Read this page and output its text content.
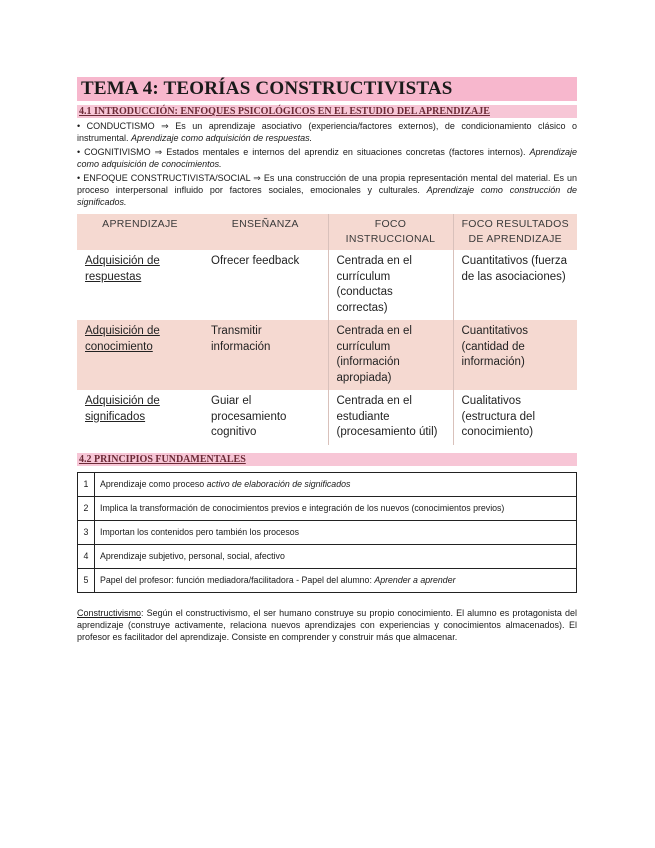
TEMA 4: TEORÍAS CONSTRUCTIVISTAS
4.1 INTRODUCCIÓN: ENFOQUES PSICOLÓGICOS EN EL ESTUDIO DEL APRENDIZAJE

• CONDUCTISMO ⇒ Es un aprendizaje asociativo (experiencia/factores externos), de condicionamiento clásico o instrumental. Aprendizaje como adquisición de respuestas.

• COGNITIVISMO ⇒ Estados mentales e internos del aprendiz en situaciones concretas (factores internos). Aprendizaje como adquisición de conocimientos.

• ENFOQUE CONSTRUCTIVISTA/SOCIAL ⇒ Es una construcción de una propia representación mental del material. Es un proceso interpersonal influido por factores sociales, emocionales y culturales. Aprendizaje como construcción de significados.

APRENDIZAJE	ENSEÑANZA	FOCO INSTRUCCIONAL	FOCO RESULTADOS DE APRENDIZAJE
Adquisición de respuestas	Ofrecer feedback	Centrada en el currículum (conductas correctas)	Cuantitativos (fuerza de las asociaciones)
Adquisición de conocimiento	Transmitir información	Centrada en el currículum (información apropiada)	Cuantitativos (cantidad de información)
Adquisición de significados	Guiar el procesamiento cognitivo	Centrada en el estudiante (procesamiento útil)	Cualitativos (estructura del conocimiento)
4.2 PRINCIPIOS FUNDAMENTALES
1	Aprendizaje como proceso activo de elaboración de significados
2	Implica la transformación de conocimientos previos e integración de los nuevos (conocimientos previos)
3	Importan los contenidos pero también los procesos
4	Aprendizaje subjetivo, personal, social, afectivo
5	Papel del profesor: función mediadora/facilitadora - Papel del alumno: Aprender a aprender

Constructivismo: Según el constructivismo, el ser humano construye su propio conocimiento. El alumno es protagonista del aprendizaje (construye activamente, relaciona nuevos aprendizajes con experiencias y conocimientos almacenados). El profesor es facilitador del aprendizaje. Consiste en comprender y construir más que almacenar.
